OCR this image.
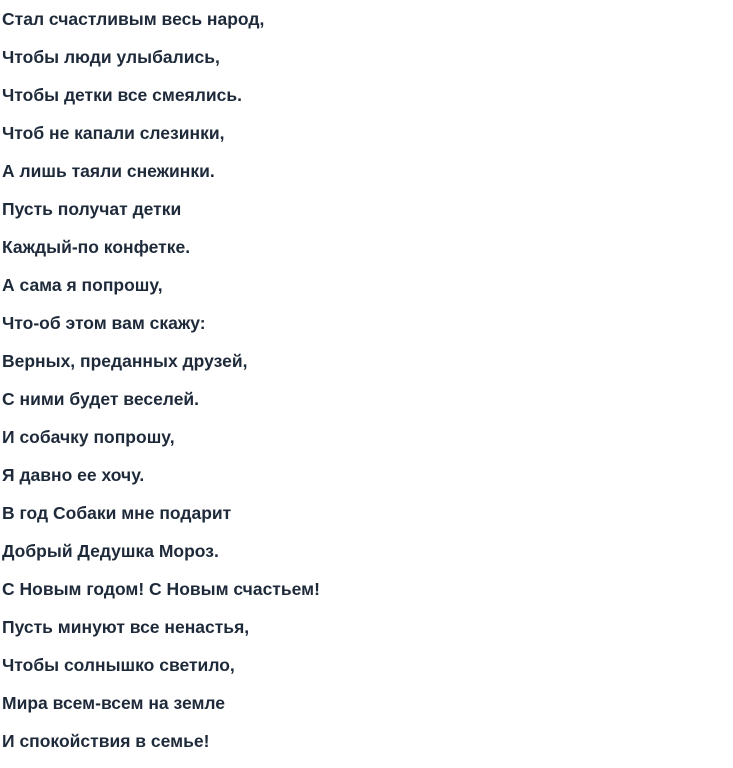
Стал счастливым весь народ,
Чтобы люди улыбались,
Чтобы детки все смеялись.
Чтоб не капали слезинки,
А лишь таяли снежинки.
Пусть получат детки
Каждый-по конфетке.
А сама я попрошу,
Что-об этом вам скажу:
Верных, преданных друзей,
С ними будет веселей.
И собачку попрошу,
Я давно ее хочу.
В год Собаки мне подарит
Добрый Дедушка Мороз.
С Новым годом! С Новым счастьем!
Пусть минуют все ненастья,
Чтобы солнышко светило,
Мира всем-всем на земле
И спокойствия в семье!
